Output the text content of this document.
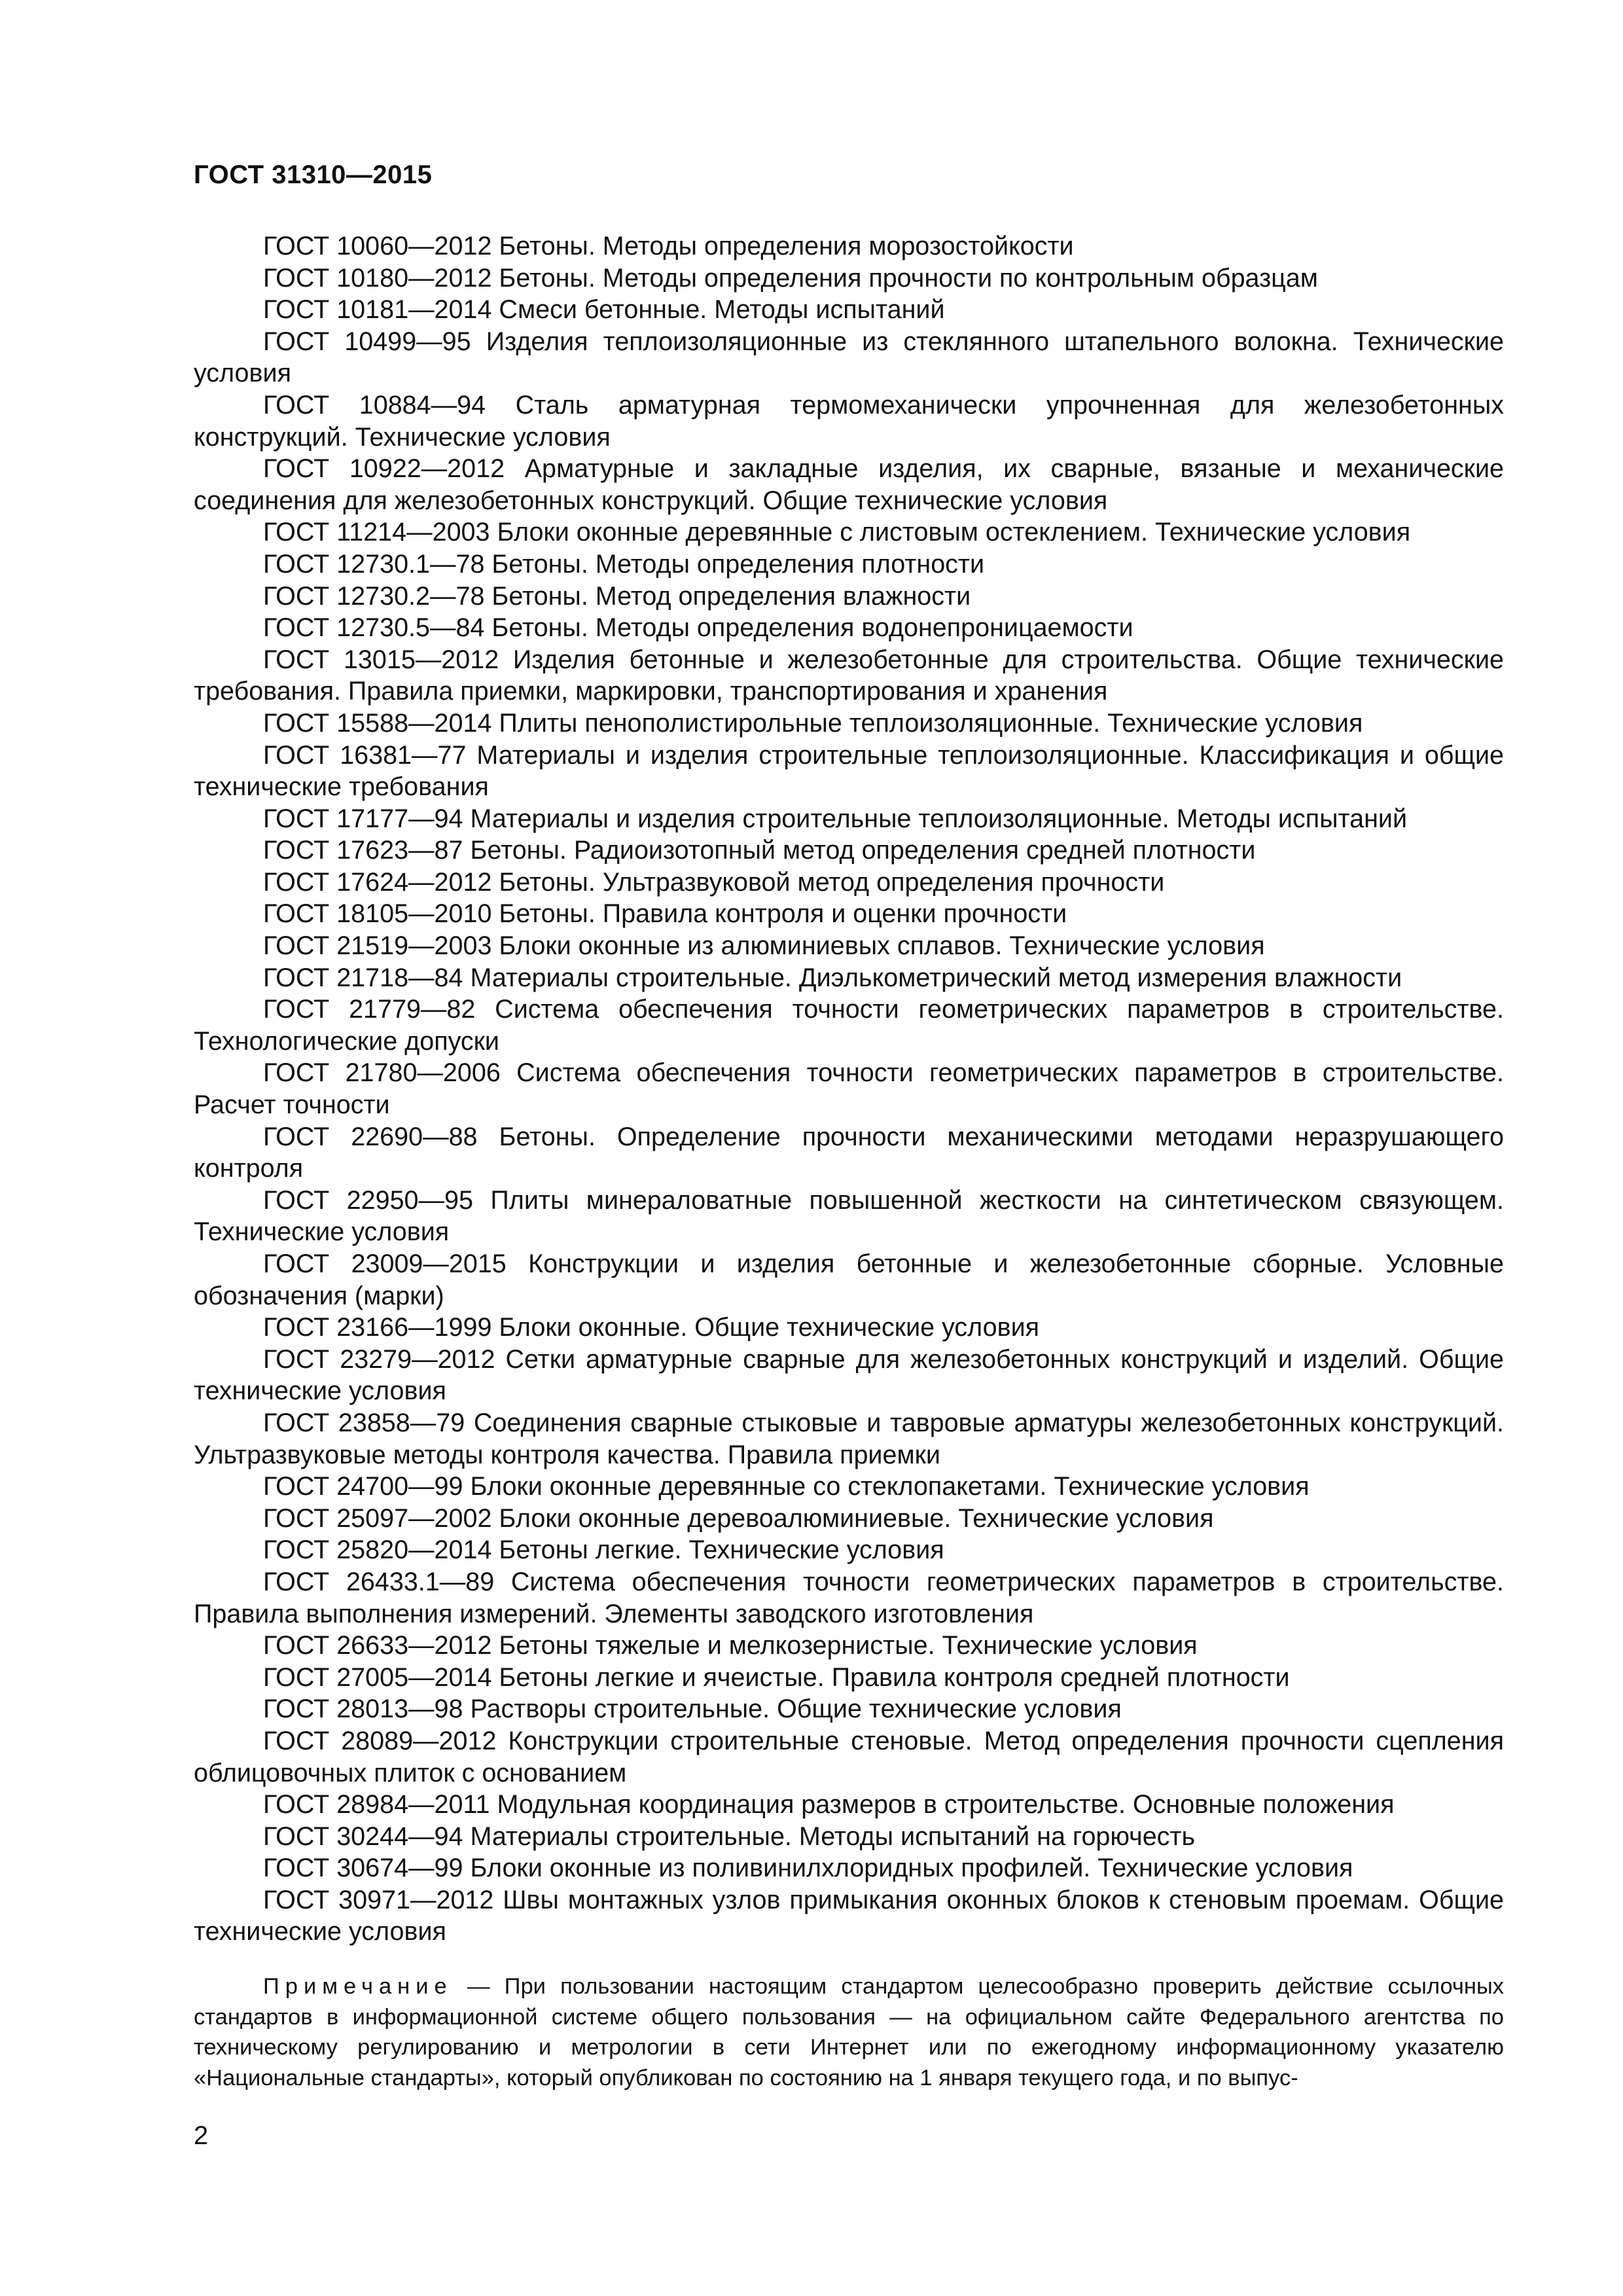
ГОСТ 31310—2015

ГОСТ 10060—2012 Бетоны. Методы определения морозостойкости

ГОСТ 10180—2012 Бетоны. Методы определения прочности по контрольным образцам

ГОСТ 10181—2014 Смеси бетонные. Методы испытаний

ГОСТ 10499—95 Изделия теплоизоляционные из стеклянного штапельного волокна. Технические условия

ГОСТ 10884—94 Сталь арматурная термомеханически упрочненная для железобетонных конструкций. Технические условия

ГОСТ 10922—2012 Арматурные и закладные изделия, их сварные, вязаные и механические соединения для железобетонных конструкций. Общие технические условия

ГОСТ 11214—2003 Блоки оконные деревянные с листовым остеклением. Технические условия

ГОСТ 12730.1—78 Бетоны. Методы определения плотности

ГОСТ 12730.2—78 Бетоны. Метод определения влажности

ГОСТ 12730.5—84 Бетоны. Методы определения водонепроницаемости

ГОСТ 13015—2012 Изделия бетонные и железобетонные для строительства. Общие технические требования. Правила приемки, маркировки, транспортирования и хранения

ГОСТ 15588—2014 Плиты пенополистирольные теплоизоляционные. Технические условия

ГОСТ 16381—77 Материалы и изделия строительные теплоизоляционные. Классификация и общие технические требования

ГОСТ 17177—94 Материалы и изделия строительные теплоизоляционные. Методы испытаний

ГОСТ 17623—87 Бетоны. Радиоизотопный метод определения средней плотности

ГОСТ 17624—2012 Бетоны. Ультразвуковой метод определения прочности

ГОСТ 18105—2010 Бетоны. Правила контроля и оценки прочности

ГОСТ 21519—2003 Блоки оконные из алюминиевых сплавов. Технические условия

ГОСТ 21718—84 Материалы строительные. Диэлькометрический метод измерения влажности

ГОСТ 21779—82 Система обеспечения точности геометрических параметров в строительстве. Технологические допуски

ГОСТ 21780—2006 Система обеспечения точности геометрических параметров в строительстве. Расчет точности

ГОСТ 22690—88 Бетоны. Определение прочности механическими методами неразрушающего контроля

ГОСТ 22950—95 Плиты минераловатные повышенной жесткости на синтетическом связующем. Технические условия

ГОСТ 23009—2015 Конструкции и изделия бетонные и железобетонные сборные. Условные обозначения (марки)

ГОСТ 23166—1999 Блоки оконные. Общие технические условия

ГОСТ 23279—2012 Сетки арматурные сварные для железобетонных конструкций и изделий. Общие технические условия

ГОСТ 23858—79 Соединения сварные стыковые и тавровые арматуры железобетонных конструкций. Ультразвуковые методы контроля качества. Правила приемки

ГОСТ 24700—99 Блоки оконные деревянные со стеклопакетами. Технические условия

ГОСТ 25097—2002 Блоки оконные деревоалюминиевые. Технические условия

ГОСТ 25820—2014 Бетоны легкие. Технические условия

ГОСТ 26433.1—89 Система обеспечения точности геометрических параметров в строительстве. Правила выполнения измерений. Элементы заводского изготовления

ГОСТ 26633—2012 Бетоны тяжелые и мелкозернистые. Технические условия

ГОСТ 27005—2014 Бетоны легкие и ячеистые. Правила контроля средней плотности

ГОСТ 28013—98 Растворы строительные. Общие технические условия

ГОСТ 28089—2012 Конструкции строительные стеновые. Метод определения прочности сцепления облицовочных плиток с основанием

ГОСТ 28984—2011 Модульная координация размеров в строительстве. Основные положения

ГОСТ 30244—94 Материалы строительные. Методы испытаний на горючесть

ГОСТ 30674—99 Блоки оконные из поливинилхлоридных профилей. Технические условия

ГОСТ 30971—2012 Швы монтажных узлов примыкания оконных блоков к стеновым проемам. Общие технические условия

Примечание — При пользовании настоящим стандартом целесообразно проверить действие ссылочных стандартов в информационной системе общего пользования — на официальном сайте Федерального агентства по техническому регулированию и метрологии в сети Интернет или по ежегодному информационному указателю «Национальные стандарты», который опубликован по состоянию на 1 января текущего года, и по выпус-
2
